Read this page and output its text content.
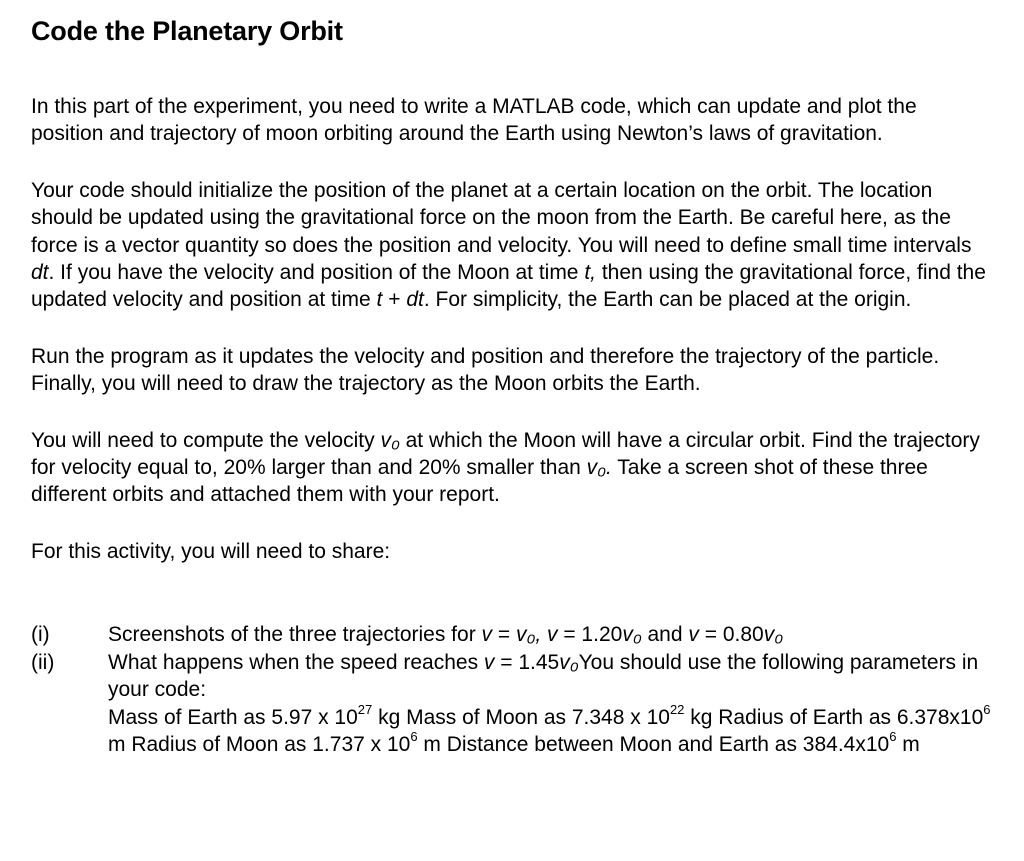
Code the Planetary Orbit

In this part of the experiment, you need to write a MATLAB code, which can update and plot the position and trajectory of moon orbiting around the Earth using Newton’s laws of gravitation.

Your code should initialize the position of the planet at a certain location on the orbit. The location should be updated using the gravitational force on the moon from the Earth. Be careful here, as the force is a vector quantity so does the position and velocity. You will need to define small time intervals dt. If you have the velocity and position of the Moon at time t, then using the gravitational force, find the updated velocity and position at time t + dt. For simplicity, the Earth can be placed at the origin.

Run the program as it updates the velocity and position and therefore the trajectory of the particle. Finally, you will need to draw the trajectory as the Moon orbits the Earth.

You will need to compute the velocity v₀ at which the Moon will have a circular orbit. Find the trajectory for velocity equal to, 20% larger than and 20% smaller than v₀. Take a screen shot of these three different orbits and attached them with your report.

For this activity, you will need to share:

(i)	Screenshots of the three trajectories for v = v₀, v = 1.20v₀ and v = 0.80v₀
(ii)	What happens when the speed reaches v = 1.45v₀You should use the following parameters in your code:
Mass of Earth as 5.97 x $10^{27}$ kg Mass of Moon as 7.348 x $10^{22}$ kg Radius of Earth as $6.378x10^6$ m Radius of Moon as 1.737 x $10^6$ m Distance between Moon and Earth as $384.4x10^6$ m
